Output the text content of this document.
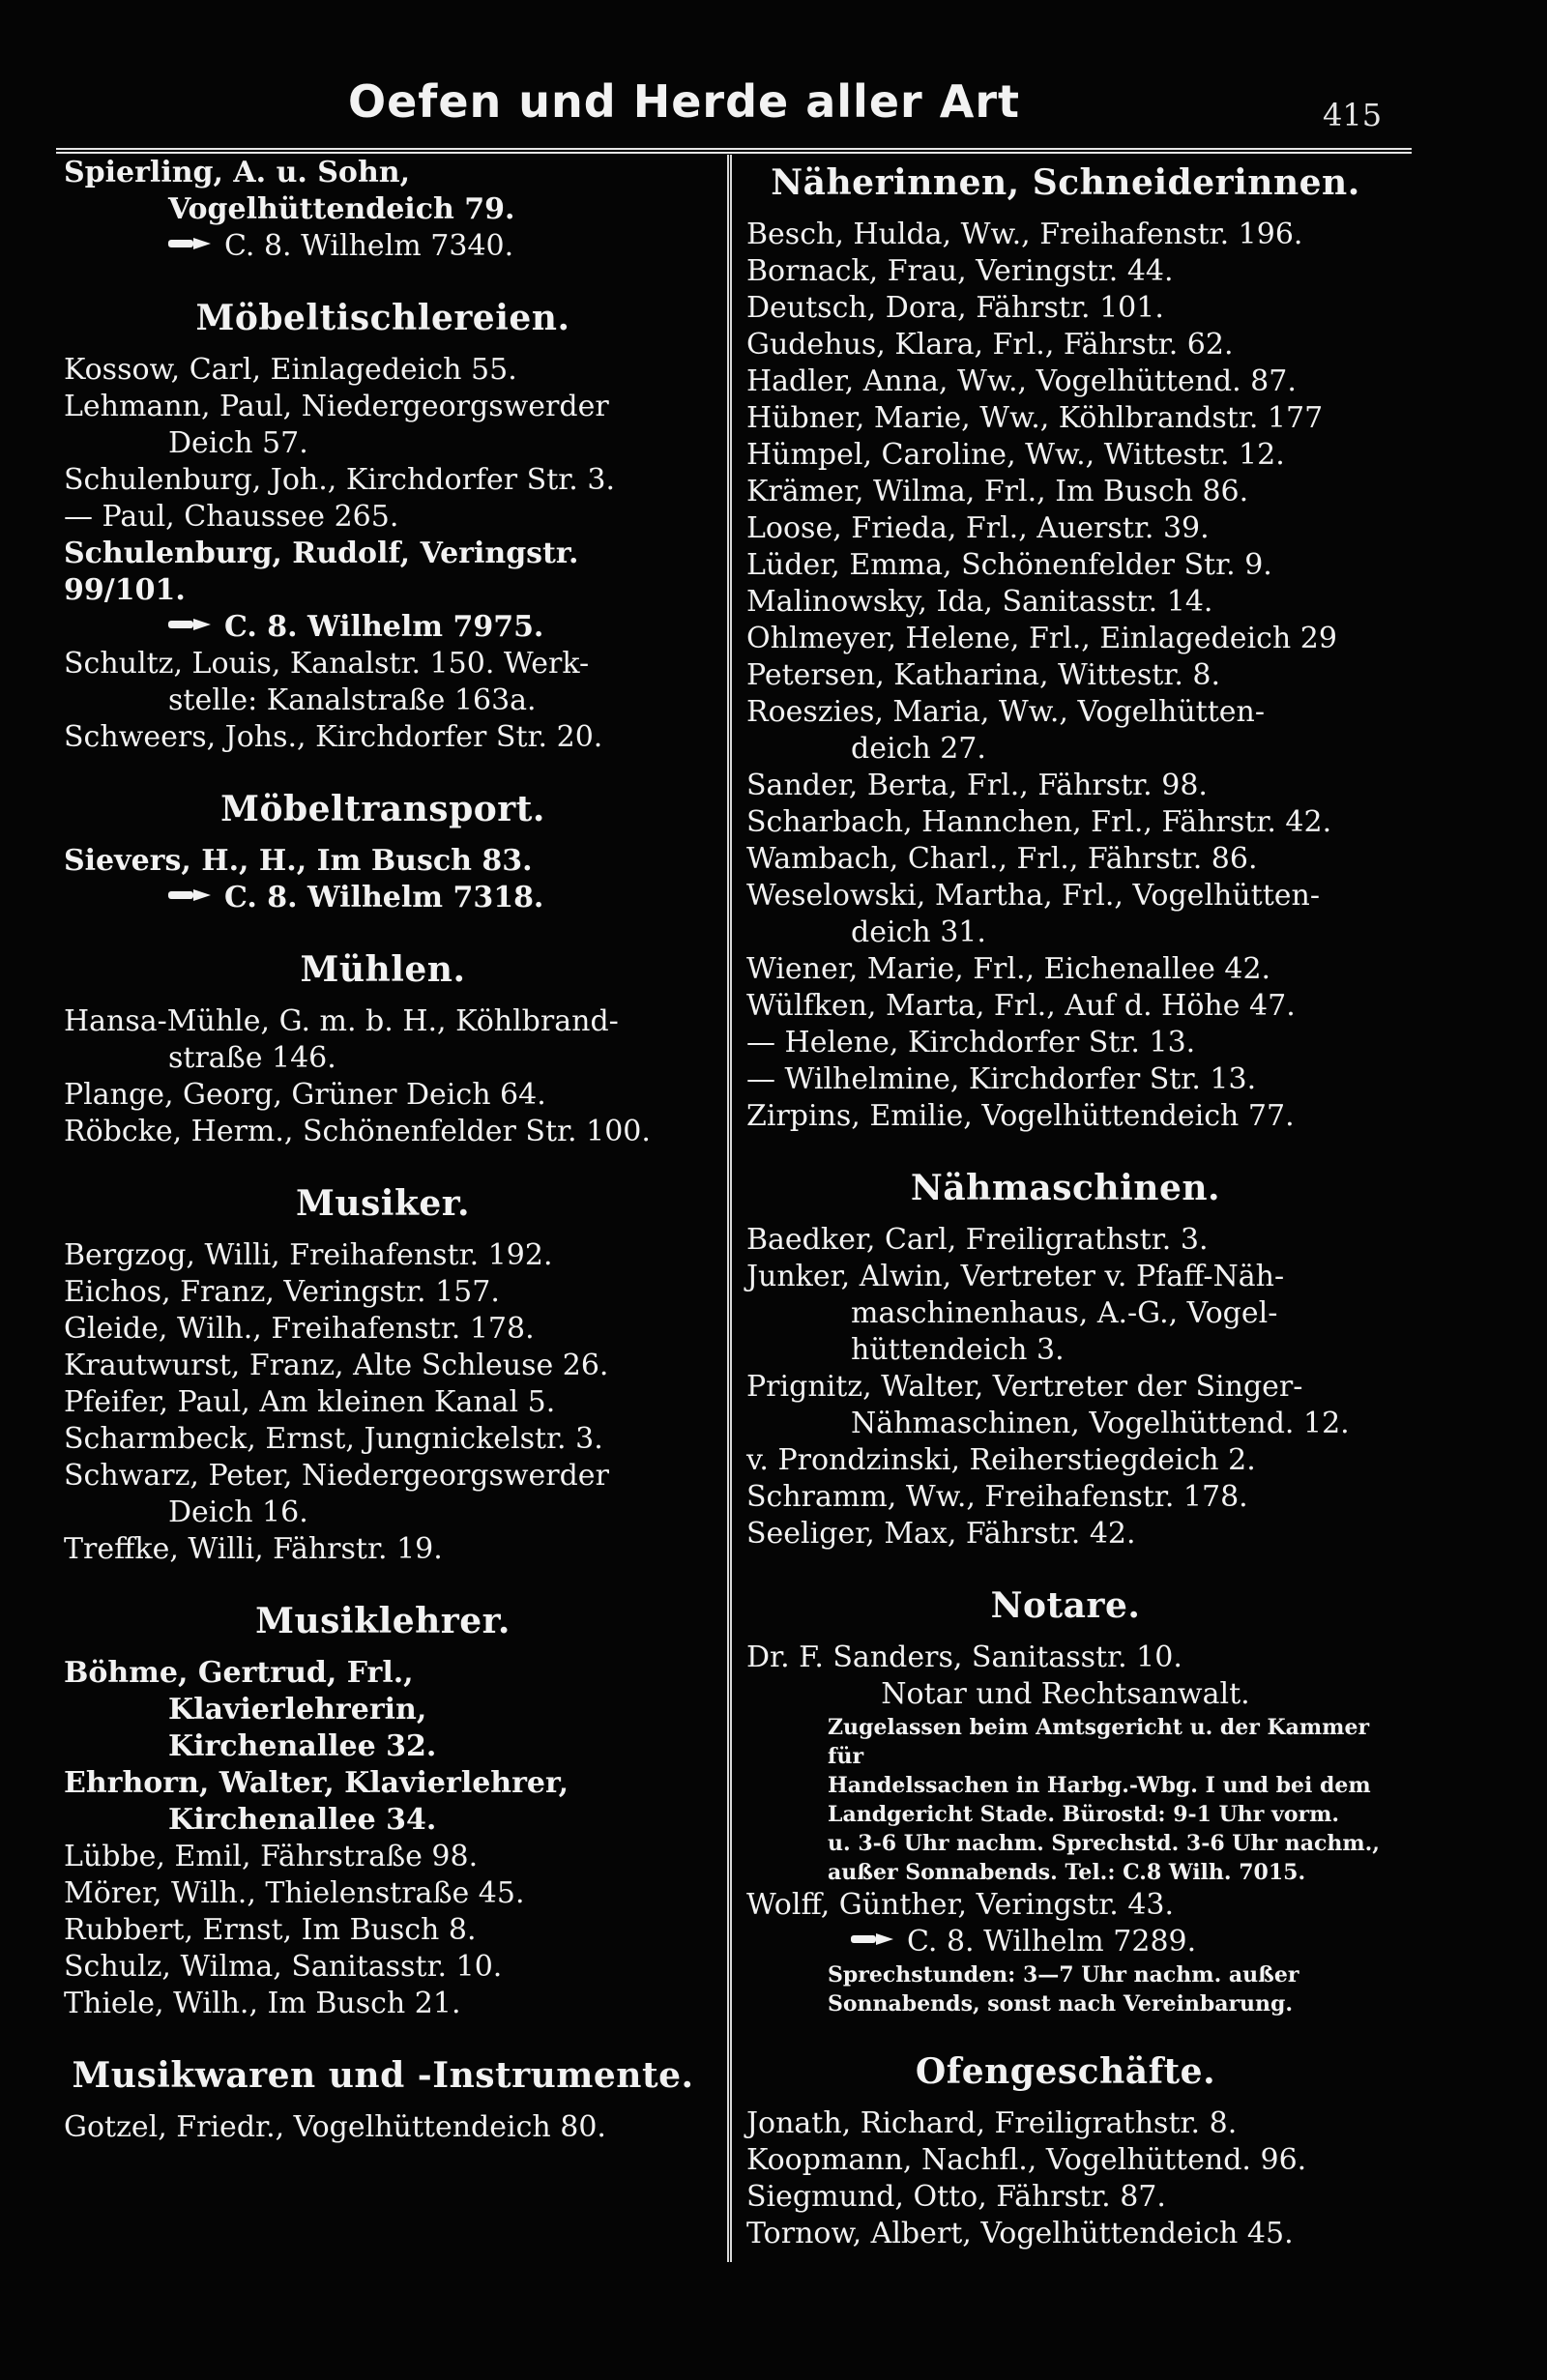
Oefen und Herde aller Art	415
Spierling, A. u. Sohn,
Vogelhüttendeich 79.
C. 8. Wilhelm 7340.
Möbeltischlereien.
Kossow, Carl, Einlagedeich 55.
Lehmann, Paul, Niedergeorgswerder
Deich 57.
Schulenburg, Joh., Kirchdorfer Str. 3.
— Paul, Chaussee 265.
Schulenburg, Rudolf, Veringstr. 99/101.
C. 8. Wilhelm 7975.
Schultz, Louis, Kanalstr. 150. Werk-
stelle: Kanalstraße 163a.
Schweers, Johs., Kirchdorfer Str. 20.
Möbeltransport.
Sievers, H., H., Im Busch 83.
C. 8. Wilhelm 7318.
Mühlen.
Hansa-Mühle, G. m. b. H., Köhlbrand-
straße 146.
Plange, Georg, Grüner Deich 64.
Röbcke, Herm., Schönenfelder Str. 100.
Musiker.
Bergzog, Willi, Freihafenstr. 192.
Eichos, Franz, Veringstr. 157.
Gleide, Wilh., Freihafenstr. 178.
Krautwurst, Franz, Alte Schleuse 26.
Pfeifer, Paul, Am kleinen Kanal 5.
Scharmbeck, Ernst, Jungnickelstr. 3.
Schwarz, Peter, Niedergeorgswerder
Deich 16.
Treffke, Willi, Fährstr. 19.
Musiklehrer.
Böhme, Gertrud, Frl.,
Klavierlehrerin,
Kirchenallee 32.
Ehrhorn, Walter, Klavierlehrer,
Kirchenallee 34.
Lübbe, Emil, Fährstraße 98.
Mörer, Wilh., Thielenstraße 45.
Rubbert, Ernst, Im Busch 8.
Schulz, Wilma, Sanitasstr. 10.
Thiele, Wilh., Im Busch 21.
Musikwaren und -Instrumente.
Gotzel, Friedr., Vogelhüttendeich 80.
Näherinnen, Schneiderinnen.
Besch, Hulda, Ww., Freihafenstr. 196.
Bornack, Frau, Veringstr. 44.
Deutsch, Dora, Fährstr. 101.
Gudehus, Klara, Frl., Fährstr. 62.
Hadler, Anna, Ww., Vogelhüttend. 87.
Hübner, Marie, Ww., Köhlbrandstr. 177
Hümpel, Caroline, Ww., Wittestr. 12.
Krämer, Wilma, Frl., Im Busch 86.
Loose, Frieda, Frl., Auerstr. 39.
Lüder, Emma, Schönenfelder Str. 9.
Malinowsky, Ida, Sanitasstr. 14.
Ohlmeyer, Helene, Frl., Einlagedeich 29
Petersen, Katharina, Wittestr. 8.
Roeszies, Maria, Ww., Vogelhütten-
deich 27.
Sander, Berta, Frl., Fährstr. 98.
Scharbach, Hannchen, Frl., Fährstr. 42.
Wambach, Charl., Frl., Fährstr. 86.
Weselowski, Martha, Frl., Vogelhütten-
deich 31.
Wiener, Marie, Frl., Eichenallee 42.
Wülfken, Marta, Frl., Auf d. Höhe 47.
— Helene, Kirchdorfer Str. 13.
— Wilhelmine, Kirchdorfer Str. 13.
Zirpins, Emilie, Vogelhüttendeich 77.
Nähmaschinen.
Baedker, Carl, Freiligrathstr. 3.
Junker, Alwin, Vertreter v. Pfaff-Näh-
maschinenhaus, A.-G., Vogel-
hüttendeich 3.
Prignitz, Walter, Vertreter der Singer-
Nähmaschinen, Vogelhüttend. 12.
v. Prondzinski, Reiherstiegdeich 2.
Schramm, Ww., Freihafenstr. 178.
Seeliger, Max, Fährstr. 42.
Notare.
Dr. F. Sanders, Sanitasstr. 10.
Notar und Rechtsanwalt.
Zugelassen beim Amtsgericht u. der Kammer für
Handelssachen in Harbg.-Wbg. I und bei dem
Landgericht Stade. Bürostd: 9-1 Uhr vorm.
u. 3-6 Uhr nachm. Sprechstd. 3-6 Uhr nachm.,
außer Sonnabends. Tel.: C.8 Wilh. 7015.
Wolff, Günther, Veringstr. 43.
C. 8. Wilhelm 7289.
Sprechstunden: 3—7 Uhr nachm. außer
Sonnabends, sonst nach Vereinbarung.
Ofengeschäfte.
Jonath, Richard, Freiligrathstr. 8.
Koopmann, Nachfl., Vogelhüttend. 96.
Siegmund, Otto, Fährstr. 87.
Tornow, Albert, Vogelhüttendeich 45.
